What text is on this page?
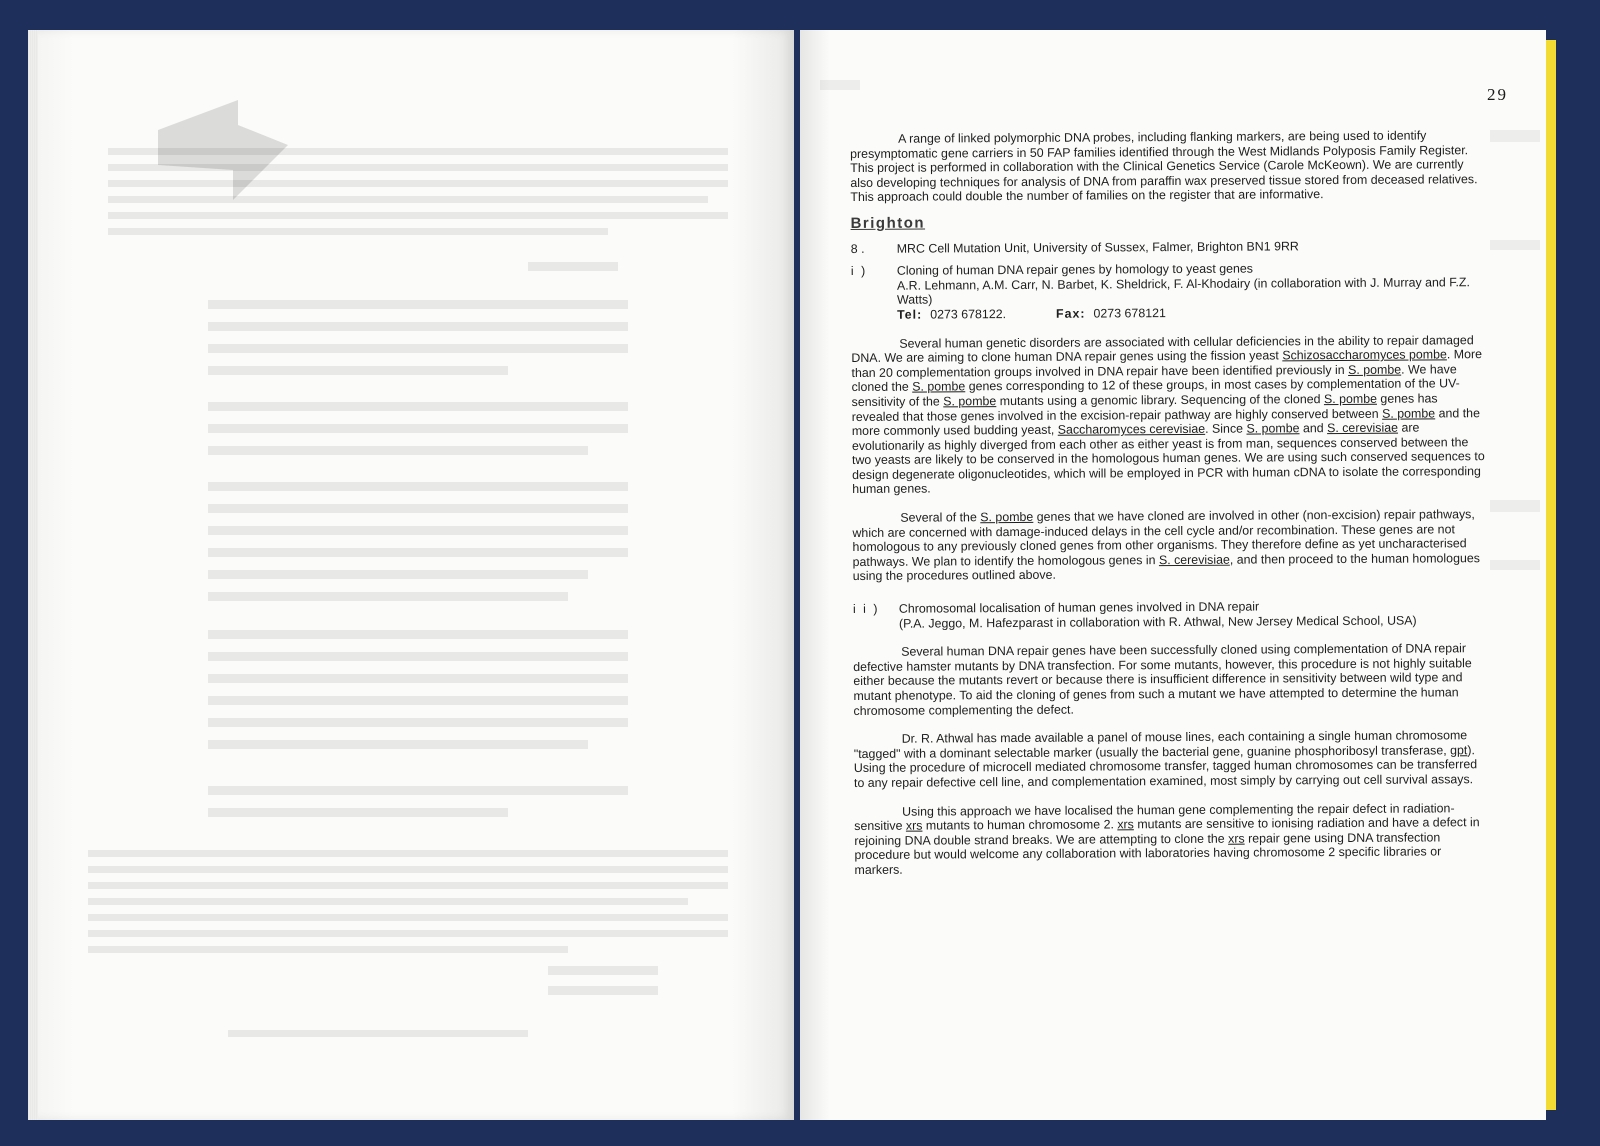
29

A range of linked polymorphic DNA probes, including flanking markers, are being used to identify presymptomatic gene carriers in 50 FAP families identified through the West Midlands Polyposis Family Register. This project is performed in collaboration with the Clinical Genetics Service (Carole McKeown). We are currently also developing techniques for analysis of DNA from paraffin wax preserved tissue stored from deceased relatives. This approach could double the number of families on the register that are informative.

Brighton
8 .	MRC Cell Mutation Unit, University of Sussex, Falmer, Brighton BN1 9RR
i )	Cloning of human DNA repair genes by homology to yeast genes
A.R. Lehmann, A.M. Carr, N. Barbet, K. Sheldrick, F. Al-Khodairy (in collaboration with J. Murray and F.Z. Watts)
Tel: 0273 678122.	Fax: 0273 678121

Several human genetic disorders are associated with cellular deficiencies in the ability to repair damaged DNA. We are aiming to clone human DNA repair genes using the fission yeast Schizosaccharomyces pombe. More than 20 complementation groups involved in DNA repair have been identified previously in S. pombe. We have cloned the S. pombe genes corresponding to 12 of these groups, in most cases by complementation of the UV-sensitivity of the S. pombe mutants using a genomic library. Sequencing of the cloned S. pombe genes has revealed that those genes involved in the excision-repair pathway are highly conserved between S. pombe and the more commonly used budding yeast, Saccharomyces cerevisiae. Since S. pombe and S. cerevisiae are evolutionarily as highly diverged from each other as either yeast is from man, sequences conserved between the two yeasts are likely to be conserved in the homologous human genes. We are using such conserved sequences to design degenerate oligonucleotides, which will be employed in PCR with human cDNA to isolate the corresponding human genes.

Several of the S. pombe genes that we have cloned are involved in other (non-excision) repair pathways, which are concerned with damage-induced delays in the cell cycle and/or recombination. These genes are not homologous to any previously cloned genes from other organisms. They therefore define as yet uncharacterised pathways. We plan to identify the homologous genes in S. cerevisiae, and then proceed to the human homologues using the procedures outlined above.

i i )	Chromosomal localisation of human genes involved in DNA repair
(P.A. Jeggo, M. Hafezparast in collaboration with R. Athwal, New Jersey Medical School, USA)

Several human DNA repair genes have been successfully cloned using complementation of DNA repair defective hamster mutants by DNA transfection. For some mutants, however, this procedure is not highly suitable either because the mutants revert or because there is insufficient difference in sensitivity between wild type and mutant phenotype. To aid the cloning of genes from such a mutant we have attempted to determine the human chromosome complementing the defect.

Dr. R. Athwal has made available a panel of mouse lines, each containing a single human chromosome "tagged" with a dominant selectable marker (usually the bacterial gene, guanine phosphoribosyl transferase, gpt). Using the procedure of microcell mediated chromosome transfer, tagged human chromosomes can be transferred to any repair defective cell line, and complementation examined, most simply by carrying out cell survival assays.

Using this approach we have localised the human gene complementing the repair defect in radiation-sensitive xrs mutants to human chromosome 2. xrs mutants are sensitive to ionising radiation and have a defect in rejoining DNA double strand breaks. We are attempting to clone the xrs repair gene using DNA transfection procedure but would welcome any collaboration with laboratories having chromosome 2 specific libraries or markers.
